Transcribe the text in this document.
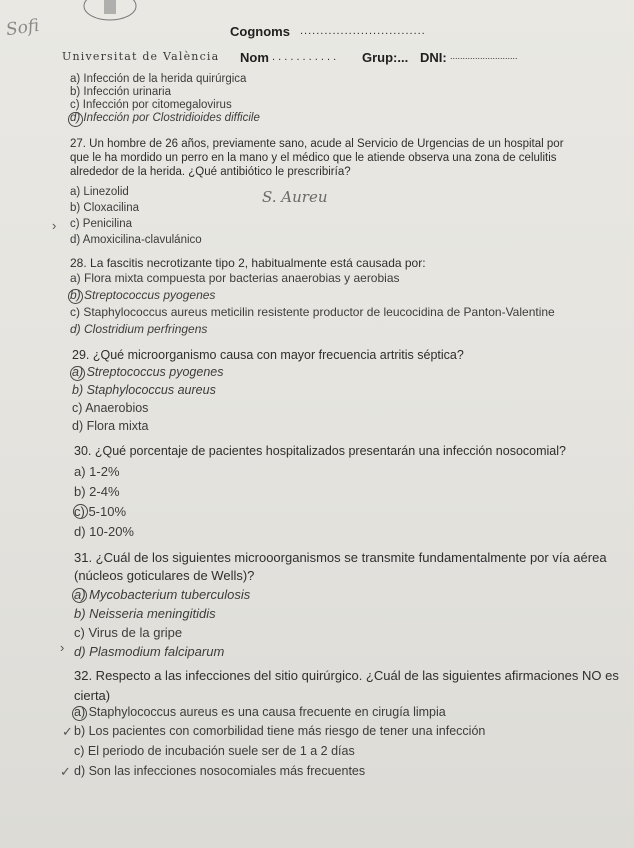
Sofi	Cognoms ...............................
Universitat de València Nom . . . . . . . . . . . Grup:... DNI: ...........................
a) Infección de la herida quirúrgica
b) Infección urinaria
c) Infección por citomegalovirus
d) Infección por Clostridioides difficile
27. Un hombre de 26 años, previamente sano, acude al Servicio de Urgencias de un hospital por
que le ha mordido un perro en la mano y el médico que le atiende observa una zona de celulitis
alrededor de la herida. ¿Qué antibiótico le prescribiría?
a) Linezolid
b) Cloxacilina
c) Penicilina
d) Amoxicilina-clavulánico
S. Aureu
›
28. La fascitis necrotizante tipo 2, habitualmente está causada por:
a) Flora mixta compuesta por bacterias anaerobias y aerobias
b) Streptococcus pyogenes
c) Staphylococcus aureus meticilin resistente productor de leucocidina de Panton-Valentine
d) Clostridium perfringens
29. ¿Qué microorganismo causa con mayor frecuencia artritis séptica?
a) Streptococcus pyogenes
b) Staphylococcus aureus
c) Anaerobios
d) Flora mixta
30. ¿Qué porcentaje de pacientes hospitalizados presentarán una infección nosocomial?
a) 1-2%
b) 2-4%
c) 5-10%
d) 10-20%
31. ¿Cuál de los siguientes microoorganismos se transmite fundamentalmente por vía aérea
(núcleos goticulares de Wells)?
a) Mycobacterium tuberculosis
b) Neisseria meningitidis
c) Virus de la gripe
d) Plasmodium falciparum
›
32. Respecto a las infecciones del sitio quirúrgico. ¿Cuál de las siguientes afirmaciones NO es
cierta)
a) Staphylococcus aureus es una causa frecuente en cirugía limpia
b) Los pacientes con comorbilidad tiene más riesgo de tener una infección
✓
c) El periodo de incubación suele ser de 1 a 2 días
d) Son las infecciones nosocomiales más frecuentes
✓
